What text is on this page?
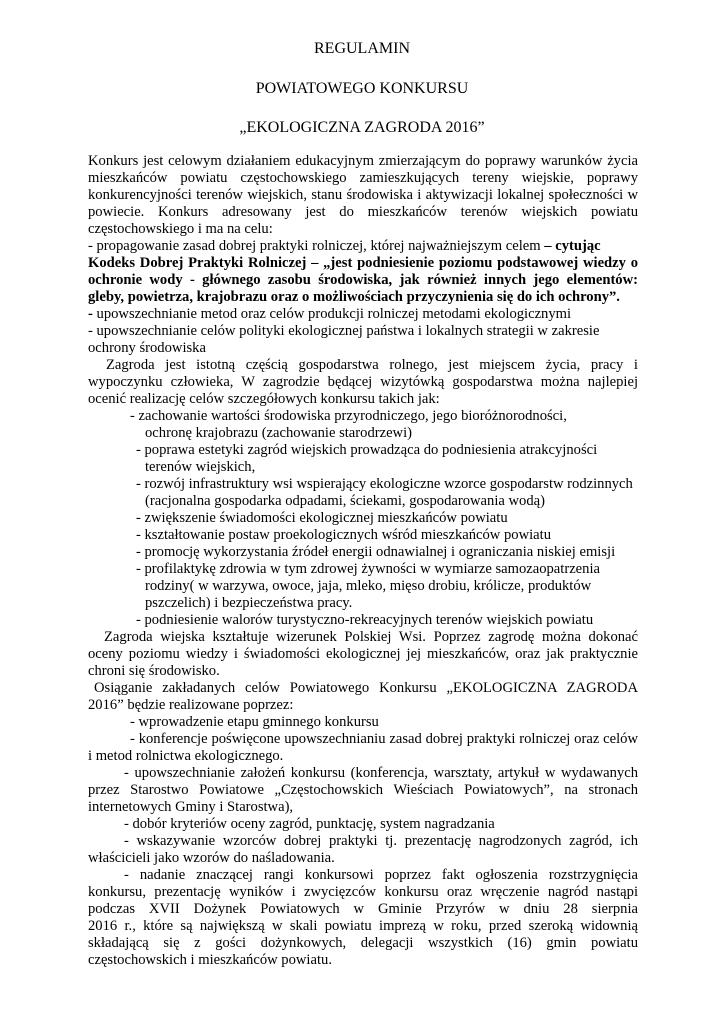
REGULAMIN
POWIATOWEGO KONKURSU
„EKOLOGICZNA ZAGRODA 2016”
Konkurs jest celowym działaniem edukacyjnym zmierzającym do poprawy warunków życia
mieszkańców powiatu częstochowskiego zamieszkujących tereny wiejskie, poprawy
konkurencyjności terenów wiejskich, stanu środowiska i aktywizacji lokalnej społeczności w
powiecie. Konkurs adresowany jest do mieszkańców terenów wiejskich powiatu
częstochowskiego i ma na celu:
- propagowanie zasad dobrej praktyki rolniczej, której najważniejszym celem – cytując
Kodeks Dobrej Praktyki Rolniczej – „jest podniesienie poziomu podstawowej wiedzy o
ochronie wody - głównego zasobu środowiska, jak również innych jego elementów:
gleby, powietrza, krajobrazu oraz o możliwościach przyczynienia się do ich ochrony”.
- upowszechnianie metod oraz celów produkcji rolniczej metodami ekologicznymi
- upowszechnianie celów polityki ekologicznej państwa i lokalnych strategii w zakresie
ochrony środowiska
Zagroda jest istotną częścią gospodarstwa rolnego, jest miejscem życia, pracy i
wypoczynku człowieka, W zagrodzie będącej wizytówką gospodarstwa można najlepiej
ocenić realizację celów szczegółowych konkursu takich jak:
- zachowanie wartości środowiska przyrodniczego, jego bioróżnorodności,
ochronę krajobrazu (zachowanie starodrzewi)
- poprawa estetyki zagród wiejskich prowadząca do podniesienia atrakcyjności
terenów wiejskich,
- rozwój infrastruktury wsi wspierający ekologiczne wzorce gospodarstw rodzinnych
(racjonalna gospodarka odpadami, ściekami, gospodarowania wodą)
- zwiększenie świadomości ekologicznej mieszkańców powiatu
- kształtowanie postaw proekologicznych wśród mieszkańców powiatu
- promocję wykorzystania źródeł energii odnawialnej i ograniczania niskiej emisji
- profilaktykę zdrowia w tym zdrowej żywności w wymiarze samozaopatrzenia
rodziny( w warzywa, owoce, jaja, mleko, mięso drobiu, królicze, produktów
pszczelich) i bezpieczeństwa pracy.
- podniesienie walorów turystyczno-rekreacyjnych terenów wiejskich powiatu
Zagroda wiejska kształtuje wizerunek Polskiej Wsi. Poprzez zagrodę można dokonać
oceny poziomu wiedzy i świadomości ekologicznej jej mieszkańców, oraz jak praktycznie
chroni się środowisko.
Osiąganie zakładanych celów Powiatowego Konkursu „EKOLOGICZNA ZAGRODA
2016” będzie realizowane poprzez:
- wprowadzenie etapu gminnego konkursu
- konferencje poświęcone upowszechnianiu zasad dobrej praktyki rolniczej oraz celów
i metod rolnictwa ekologicznego.
- upowszechnianie założeń konkursu (konferencja, warsztaty, artykuł w wydawanych
przez Starostwo Powiatowe „Częstochowskich Wieściach Powiatowych”, na stronach
internetowych Gminy i Starostwa),
- dobór kryteriów oceny zagród, punktację, system nagradzania
- wskazywanie wzorców dobrej praktyki tj. prezentację nagrodzonych zagród, ich
właścicieli jako wzorów do naśladowania.
- nadanie znaczącej rangi konkursowi poprzez fakt ogłoszenia rozstrzygnięcia
konkursu, prezentację wyników i zwycięzców konkursu oraz wręczenie nagród nastąpi
podczas XVII Dożynek Powiatowych w Gminie Przyrów w dniu 28 sierpnia
2016 r., które są największą w skali powiatu imprezą w roku, przed szeroką widownią
składającą się z gości dożynkowych, delegacji wszystkich (16) gmin powiatu
częstochowskich i mieszkańców powiatu.
